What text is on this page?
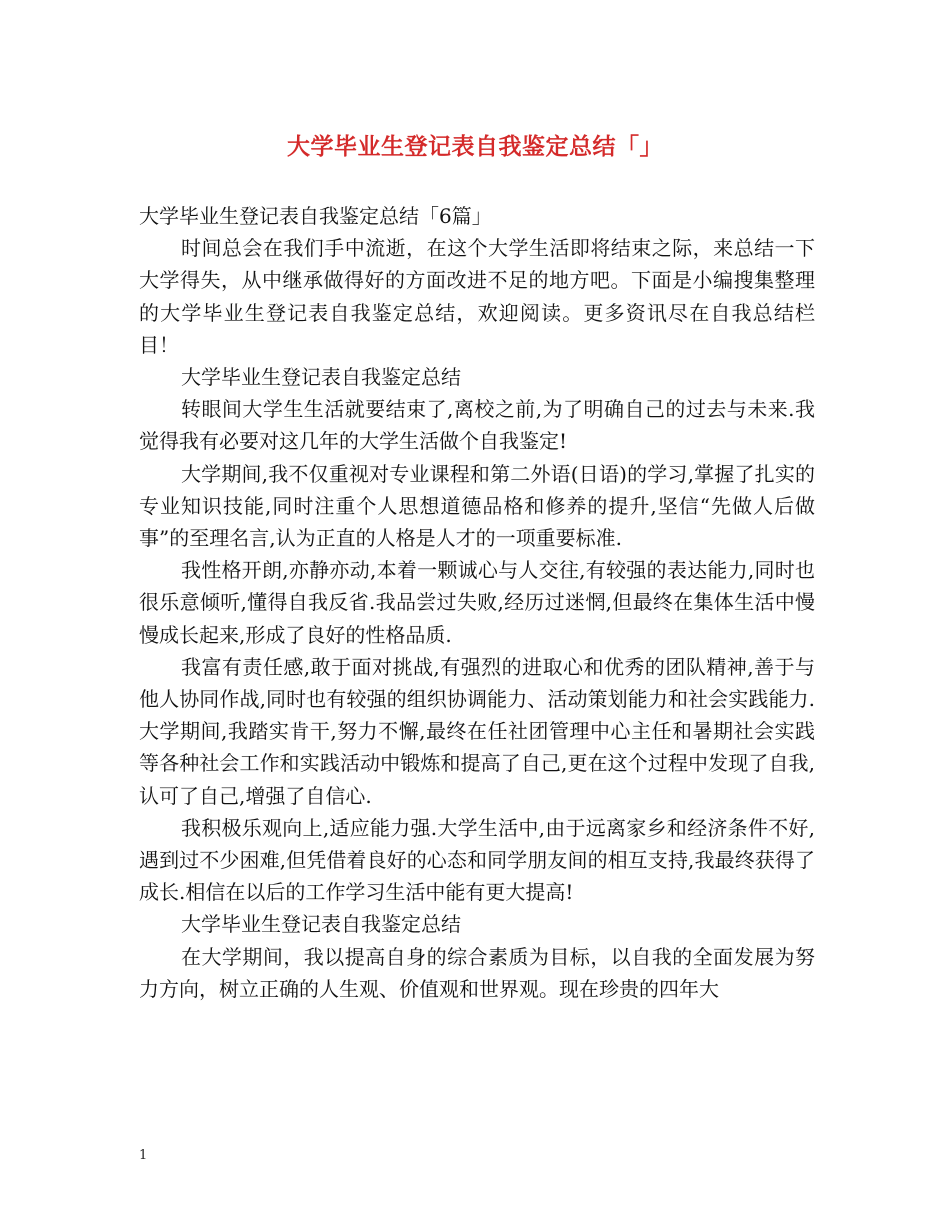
大学毕业生登记表自我鉴定总结「」

大学毕业生登记表自我鉴定总结「6篇」

时间总会在我们手中流逝，在这个大学生活即将结束之际，来总结一下大学得失，从中继承做得好的方面改进不足的地方吧。下面是小编搜集整理的大学毕业生登记表自我鉴定总结，欢迎阅读。更多资讯尽在自我总结栏目！

大学毕业生登记表自我鉴定总结

转眼间大学生生活就要结束了,离校之前,为了明确自己的过去与未来.我觉得我有必要对这几年的大学生活做个自我鉴定!

大学期间,我不仅重视对专业课程和第二外语(日语)的学习,掌握了扎实的专业知识技能,同时注重个人思想道德品格和修养的提升,坚信“先做人后做事”的至理名言,认为正直的人格是人才的一项重要标准.

我性格开朗,亦静亦动,本着一颗诚心与人交往,有较强的表达能力,同时也很乐意倾听,懂得自我反省.我品尝过失败,经历过迷惘,但最终在集体生活中慢慢成长起来,形成了良好的性格品质.

我富有责任感,敢于面对挑战,有强烈的进取心和优秀的团队精神,善于与他人协同作战,同时也有较强的组织协调能力、活动策划能力和社会实践能力.大学期间,我踏实肯干,努力不懈,最终在任社团管理中心主任和暑期社会实践等各种社会工作和实践活动中锻炼和提高了自己,更在这个过程中发现了自我,认可了自己,增强了自信心.

我积极乐观向上,适应能力强.大学生活中,由于远离家乡和经济条件不好,遇到过不少困难,但凭借着良好的心态和同学朋友间的相互支持,我最终获得了成长.相信在以后的工作学习生活中能有更大提高!

大学毕业生登记表自我鉴定总结

在大学期间，我以提高自身的综合素质为目标，以自我的全面发展为努力方向，树立正确的人生观、价值观和世界观。现在珍贵的四年大

1
